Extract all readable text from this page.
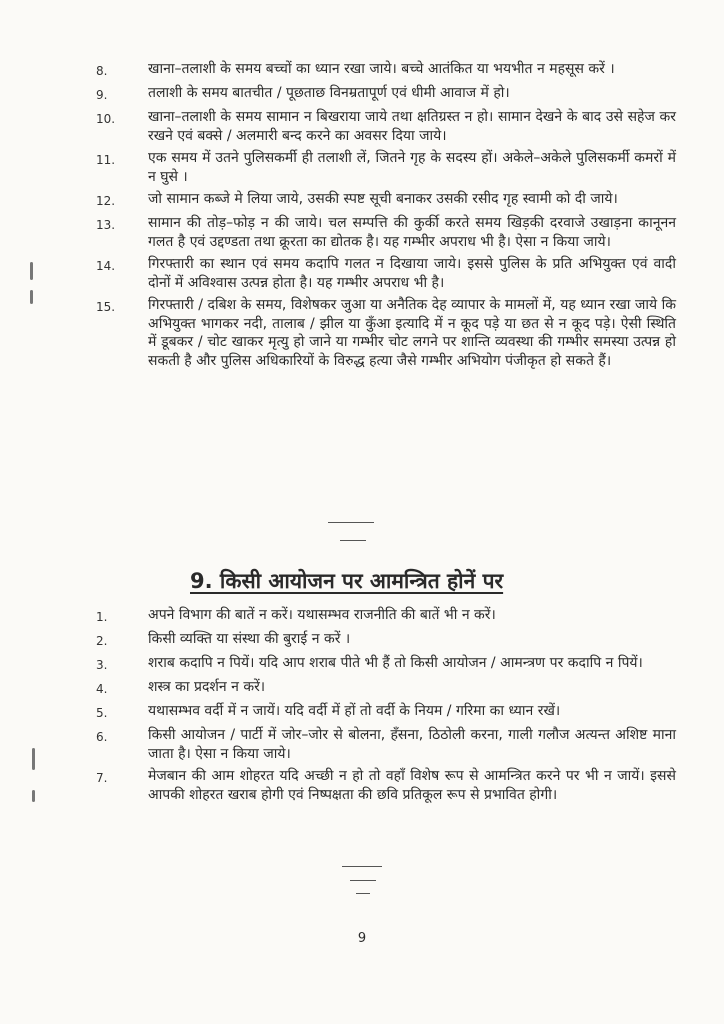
8.	खाना–तलाशी के समय बच्चों का ध्यान रखा जाये। बच्चे आतंकित या भयभीत न महसूस करें ।
9.	तलाशी के समय बातचीत / पूछताछ विनम्रतापूर्ण एवं धीमी आवाज में हो।
10.	खाना–तलाशी के समय सामान न बिखराया जाये तथा क्षतिग्रस्त न हो। सामान देखने के बाद उसे सहेज कर रखने एवं बक्से / अलमारी बन्द करने का अवसर दिया जाये।
11.	एक समय में उतने पुलिसकर्मी ही तलाशी लें, जितने गृह के सदस्य हों। अकेले–अकेले पुलिसकर्मी कमरों में न घुसे ।
12.	जो सामान कब्जे मे लिया जाये, उसकी स्पष्ट सूची बनाकर उसकी रसीद गृह स्वामी को दी जाये।
13.	सामान की तोड़–फोड़ न की जाये। चल सम्पत्ति की कुर्की करते समय खिड़की दरवाजे उखाड़ना कानूनन गलत है एवं उद्दण्डता तथा क्रूरता का द्योतक है। यह गम्भीर अपराध भी है। ऐसा न किया जाये।
14.	गिरफ्तारी का स्थान एवं समय कदापि गलत न दिखाया जाये। इससे पुलिस के प्रति अभियुक्त एवं वादी दोनों में अविश्वास उत्पन्न होता है। यह गम्भीर अपराध भी है।
15.	गिरफ्तारी / दबिश के समय, विशेषकर जुआ या अनैतिक देह व्यापार के मामलों में, यह ध्यान रखा जाये कि अभियुक्त भागकर नदी, तालाब / झील या कुँआ इत्यादि में न कूद पड़े या छत से न कूद पड़े। ऐसी स्थिति में डूबकर / चोट खाकर मृत्यु हो जाने या गम्भीर चोट लगने पर शान्ति व्यवस्था की गम्भीर समस्या उत्पन्न हो सकती है और पुलिस अधिकारियों के विरुद्ध हत्या जैसे गम्भीर अभियोग पंजीकृत हो सकते हैं।
9. किसी आयोजन पर आमन्त्रित होनें पर
1.	अपने विभाग की बातें न करें। यथासम्भव राजनीति की बातें भी न करें।
2.	किसी व्यक्ति या संस्था की बुराई न करें ।
3.	शराब कदापि न पियें। यदि आप शराब पीते भी हैं तो किसी आयोजन / आमन्त्रण पर कदापि न पियें।
4.	शस्त्र का प्रदर्शन न करें।
5.	यथासम्भव वर्दी में न जायें। यदि वर्दी में हों तो वर्दी के नियम / गरिमा का ध्यान रखें।
6.	किसी आयोजन / पार्टी में जोर–जोर से बोलना, हँसना, ठिठोली करना, गाली गलौज अत्यन्त अशिष्ट माना जाता है। ऐसा न किया जाये।
7.	मेजबान की आम शोहरत यदि अच्छी न हो तो वहाँ विशेष रूप से आमन्त्रित करने पर भी न जायें। इससे आपकी शोहरत खराब होगी एवं निष्पक्षता की छवि प्रतिकूल रूप से प्रभावित होगी।
9
